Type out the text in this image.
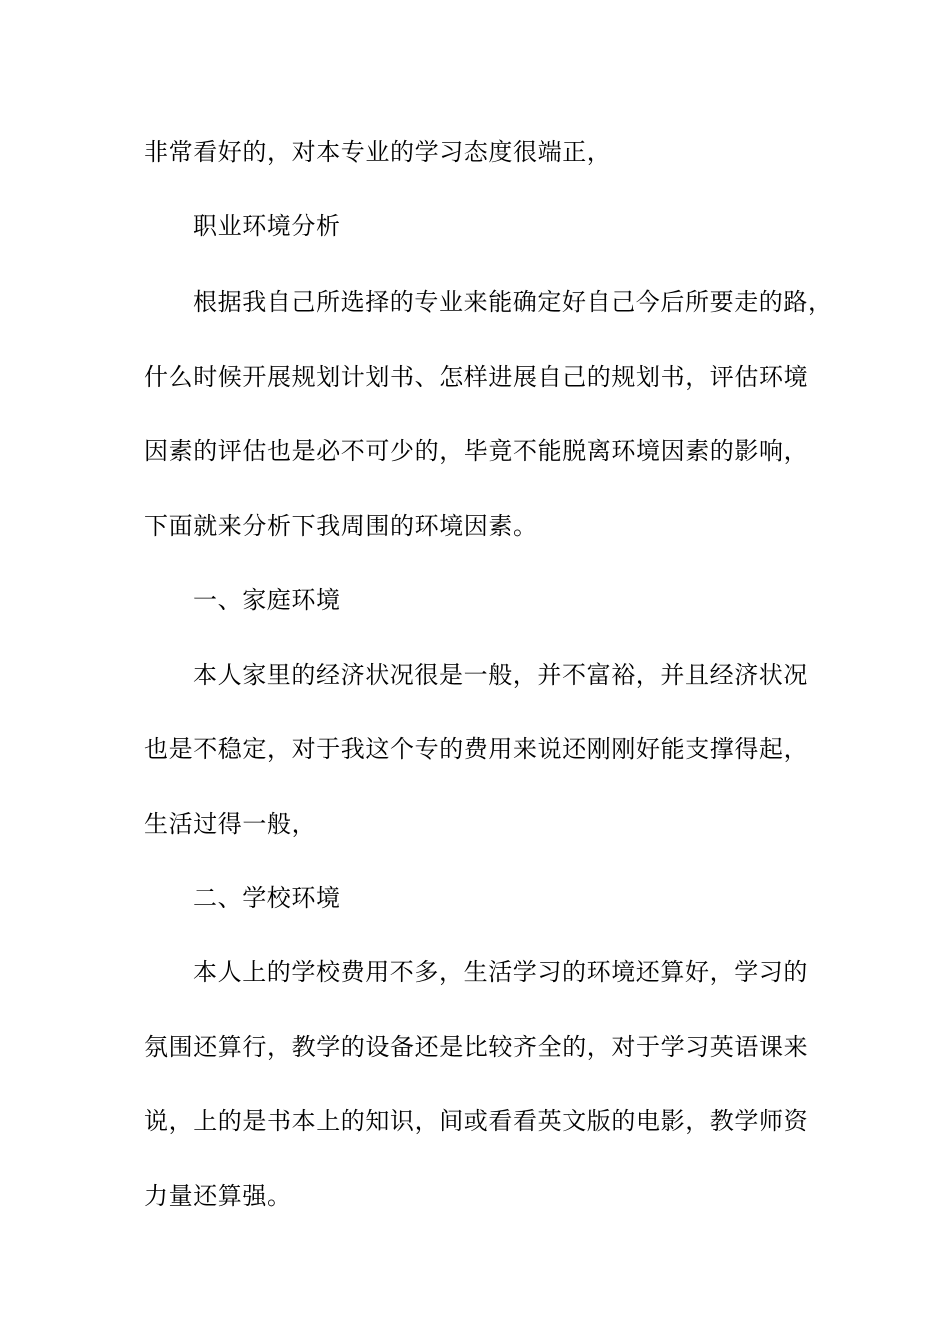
非常看好的，对本专业的学习态度很端正，
职业环境分析
根据我自己所选择的专业来能确定好自己今后所要走的路，
什么时候开展规划计划书、怎样进展自己的规划书，评估环境
因素的评估也是必不可少的，毕竟不能脱离环境因素的影响，
下面就来分析下我周围的环境因素。
一、家庭环境
本人家里的经济状况很是一般，并不富裕，并且经济状况
也是不稳定，对于我这个专的费用来说还刚刚好能支撑得起，
生活过得一般，
二、学校环境
本人上的学校费用不多，生活学习的环境还算好，学习的
氛围还算行，教学的设备还是比较齐全的，对于学习英语课来
说，上的是书本上的知识，间或看看英文版的电影，教学师资
力量还算强。
